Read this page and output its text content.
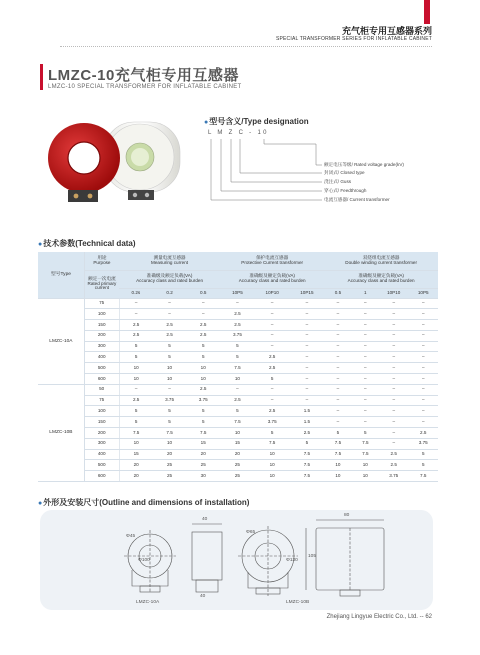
充气柜专用互感器系列
SPECIAL TRANSFORMER SERIES FOR INFLATABLE CABINET
LMZC-10充气柜专用互感器
LMZC-10 SPECIAL TRANSFORMER FOR INFLATABLE CABINET
●型号含义/Type designation
L M Z C - 10
额定电压等级/ Rated voltage grade(kV)
封闭式/ Closed type
浇注式/ Guss
穿心式/ Feedthrough
电流互感器/ Current transformer
●技术参数(Technical data)
型号Type	用途
Purpose	测量电流互感器
Measuring current			保护电流互感器
Protective Current transformer			双绕组电流互感器
Double winding current transformer			
	额定一次电流
Rated primary current	准确级及额定负载(VA)
Accuracy class and rated burden			准确级及额定负载(VA)
Accuracy class and rated burden			准确级及额定负载(VA)
Accuracy class and rated burden			
		0.2s	0.2	0.5	10P5	10P10	10P15	0.5	1	10P10	10P5
LMZC-10A	75	–	–	–	–	–	–	–	–	–	–
	100	–	–	–	2.5	–	–	–	–	–	–
	150	2.5	2.5	2.5	2.5	–	–	–	–	–	–
	200	2.5	2.5	2.5	3.75	–	–	–	–	–	–
	300	5	5	5	5	–	–	–	–	–	–
	400	5	5	5	5	2.5	–	–	–	–	–
	500	10	10	10	7.5	2.5	–	–	–	–	–
	600	10	10	10	10	5	–	–	–	–	–
LMZC-10B	50	–	–	2.5	–	–	–	–	–	–	–
	75	2.5	3.75	3.75	2.5	–	–	–	–	–	–
	100	5	5	5	5	2.5	1.5	–	–	–	–
	150	5	5	5	7.5	3.75	1.5	–	–	–	–
	200	7.5	7.5	7.5	10	5	2.5	5	5	–	2.5
	300	10	10	15	15	7.5	5	7.5	7.5	–	3.75
	400	15	20	20	20	10	7.5	7.5	7.5	2.5	5
	500	20	25	25	25	10	7.5	10	10	2.5	5
	600	20	25	30	25	10	7.5	10	10	3.75	7.5
●外形及安装尺寸(Outline and dimensions of installation)
Φ45
Φ100
40
40
Φ65
Φ130
80
105
LMZC-10A	LMZC-10B
Zhejiang Lingyue Electric Co., Ltd. -- 62
